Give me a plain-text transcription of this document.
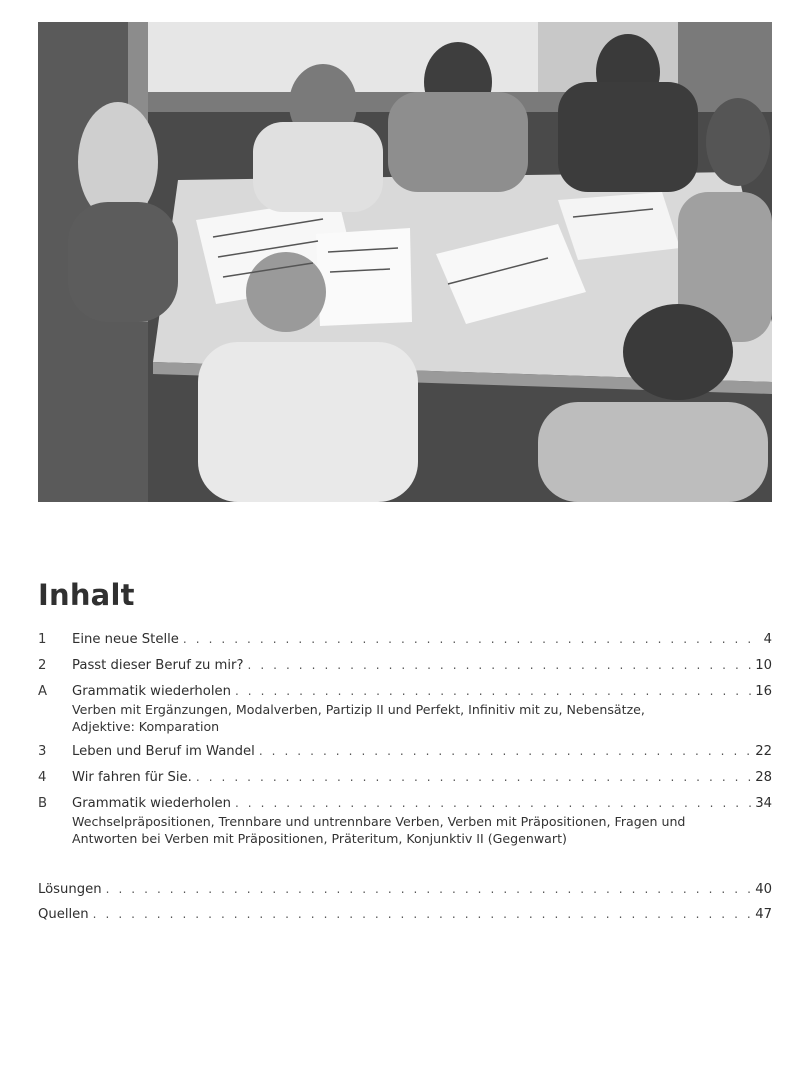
Inhalt
1	Eine neue Stelle . . .	4
2	Passt dieser Beruf zu mir? . . .	10
A	Grammatik wiederholen . . .	16
Verben mit Ergänzungen, Modalverben, Partizip II und Perfekt, Infinitiv mit zu, Nebensätze,
Adjektive: Komparation
3	Leben und Beruf im Wandel . . .	22
4	Wir fahren für Sie. . . .	28
B	Grammatik wiederholen . . .	34
Wechselpräpositionen, Trennbare und untrennbare Verben, Verben mit Präpositionen, Fragen und
Antworten bei Verben mit Präpositionen, Präteritum, Konjunktiv II (Gegenwart)
Lösungen . . .	40
Quellen . . .	47
